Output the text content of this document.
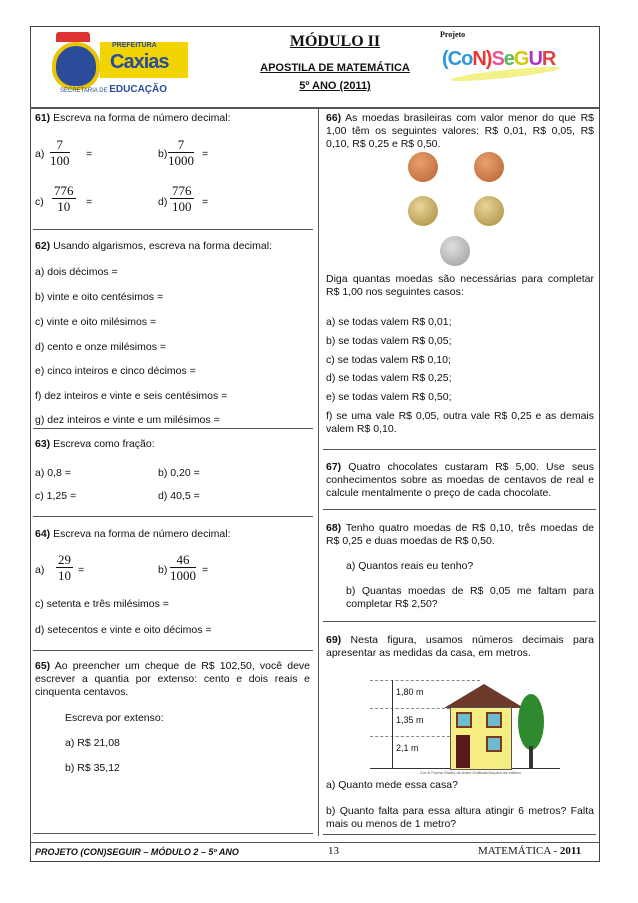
PREFEITURA
Caxias
SECRETARIA DE EDUCAÇÃO
MÓDULO II
APOSTILA DE MATEMÁTICA
5º ANO (2011)
Projeto
(CoN)SeGUR
61) Escreva na forma de número decimal:
$a) \frac{7}{100}$ =	$b) \frac{7}{1000}$ =
$c) \frac{776}{10}$ =	$d) \frac{776}{100}$ =
62) Usando algarismos, escreva na forma decimal:
a) dois décimos =
b) vinte e oito centésimos =
c) vinte e oito milésimos =
d) cento e onze milésimos =
e) cinco inteiros e cinco décimos =
f) dez inteiros e vinte e seis centésimos =
g) dez inteiros e vinte e um milésimos =
63) Escreva como fração:
a) 0,8 =	b) 0,20 =
c) 1,25 =	d) 40,5 =
64) Escreva na forma de número decimal:
$a) \frac{29}{10}$ =	$b) \frac{46}{1000}$ =
c) setenta e três milésimos =
d) setecentos e vinte e oito décimos =
65) Ao preencher um cheque de R$ 102,50, você deve escrever a quantia por extenso: cento e dois reais e cinquenta centavos.
Escreva por extenso:
a) R$ 21,08
b) R$ 35,12
66) As moedas brasileiras com valor menor do que R$ 1,00 têm os seguintes valores: R$ 0,01, R$ 0,05, R$ 0,10, R$ 0,25 e R$ 0,50.
Diga quantas moedas são necessárias para completar R$ 1,00 nos seguintes casos:
a) se todas valem R$ 0,01;
b) se todas valem R$ 0,05;
c) se todas valem R$ 0,10;
d) se todas valem R$ 0,25;
e) se todas valem R$ 0,50;
f) se uma vale R$ 0,05, outra vale R$ 0,25 e as demais valem R$ 0,10.
67) Quatro chocolates custaram R$ 5,00. Use seus conhecimentos sobre as moedas de centavos de real e calcule mentalmente o preço de cada chocolate.
68) Tenho quatro moedas de R$ 0,10, três moedas de R$ 0,25 e duas moedas de R$ 0,50.
a) Quantos reais eu tenho?
b) Quantas moedas de R$ 0,05 me faltam para completar R$ 2,50?
69) Nesta figura, usamos números decimais para apresentar as medidas da casa, em metros.
1,80 m
1,35 m
2,1 m
Cor & Forma Studio de Artes Gráficas/Arquivo da editora
a) Quanto mede essa casa?
b) Quanto falta para essa altura atingir 6 metros? Falta mais ou menos de 1 metro?
PROJETO (CON)SEGUIR – MÓDULO 2 – 5º ANO	13	MATEMÁTICA - 2011
